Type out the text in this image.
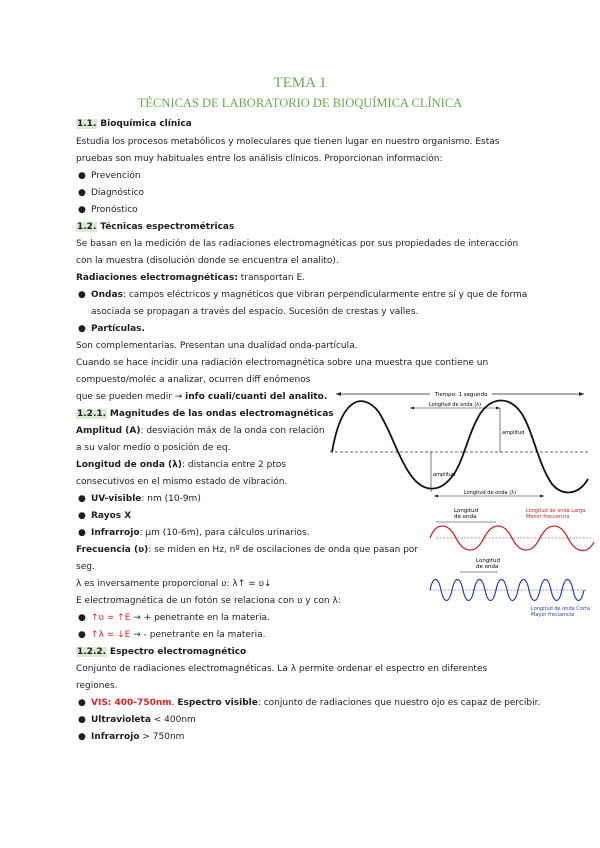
TEMA 1
TÉCNICAS DE LABORATORIO DE BIOQUÍMICA CLÍNICA
1.1. Bioquímica clínica
Estudia los procesos metabólicos y moleculares que tienen lugar en nuestro organismo. Estas
pruebas son muy habituales entre los análisis clínicos. Proporcionan información:
● Prevención
● Diagnóstico
● Pronóstico
1.2. Técnicas espectrométricas
Se basan en la medición de las radiaciones electromagnéticas por sus propiedades de interacción
con la muestra (disolución donde se encuentra el analito).
Radiaciones electromagnéticas: transportan E.
● Ondas: campos eléctricos y magnéticos que vibran perpendicularmente entre sí y que de forma
asociada se propagan a través del espacio. Sucesión de crestas y valles.
● Partículas.
Son complementarias. Presentan una dualidad onda-partícula.
Cuando se hace incidir una radiación electromagnética sobre una muestra que contiene un
compuesto/moléc a analizar, ocurren diff enómenos
que se pueden medir → info cuali/cuanti del analito.
1.2.1. Magnitudes de las ondas electromagnéticas
Amplitud (A): desviación máx de la onda con relación
a su valor medio o posición de eq.
Longitud de onda (λ): distancia entre 2 ptos
consecutivos en el mismo estado de vibración.
● UV-visible: nm (10-9m)
● Rayos X
● Infrarrojo: µm (10-6m), para cálculos urinarios.
Frecuencia (ʋ): se miden en Hz, nº de oscilaciones de onda que pasan por
seg.
λ es inversamente proporcional ʋ: λ↑ = ʋ↓
E electromagnética de un fotón se relaciona con ʋ y con λ:
● ↑ʋ = ↑E → + penetrante en la materia.
● ↑λ = ↓E → - penetrante en la materia.
1.2.2. Espectro electromagnético
Conjunto de radiaciones electromagnéticas. La λ permite ordenar el espectro en diferentes
regiones.
● VIS: 400-750nm. Espectro visible: conjunto de radiaciones que nuestro ojo es capaz de percibir.
● Ultravioleta < 400nm
● Infrarrojo > 750nm
Tiempo: 1 segundo
Longitud de onda (λ)
amplitud
amplitud
Longitud de onda (λ)
Longitud
de onda
Longitud de onda Larga
Menor frecuencia
Longitud
de onda
Longitud de onda Corta
Mayor frecuencia
